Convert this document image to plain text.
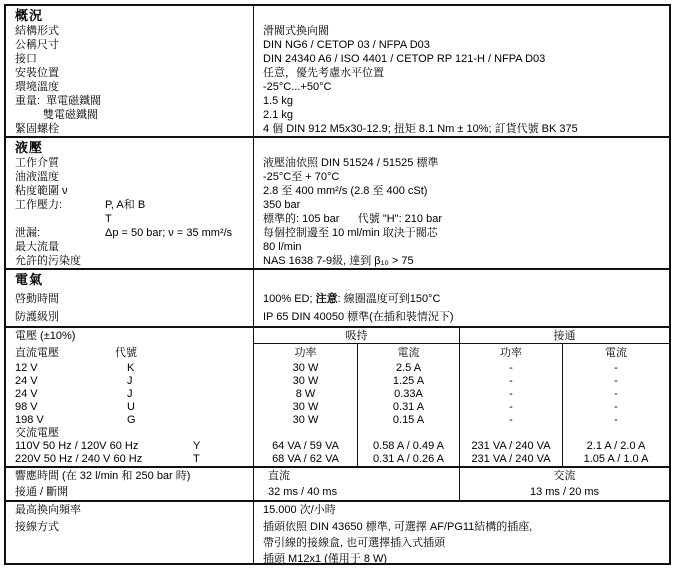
概況
結構形式	滑閥式換向閥
公稱尺寸	DIN NG6 / CETOP 03 / NFPA D03
接口	DIN 24340 A6 / ISO 4401 / CETOP RP 121-H / NFPA D03
安裝位置	任意，優先考慮水平位置
環境溫度	-25°C...+50°C
重量:  單電磁鐵閥	1.5 kg
雙電磁鐵閥	2.1 kg
緊固螺栓	4 個 DIN 912 M5x30-12.9; 扭矩 8.1 Nm ± 10%; 訂貨代號 BK 375
液壓
工作介質	液壓油依照 DIN 51524 / 51525 標準
油液溫度	-25°C至 + 70°C
粘度範圍 ν	2.8 至 400 mm²/s (2.8 至 400 cSt)
工作壓力:	P, A和 B	350 bar
T	標準的: 105 bar      代號 "H": 210 bar
泄漏:	Δp = 50 bar; ν = 35 mm²/s	每個控制邊至 10 ml/min 取決于閥芯
最大流量	80 l/min
允許的污染度	NAS 1638 7-9級, 達到 β₁₀ > 75
電氣
啓動時間	100% ED; 注意: 線圈溫度可到150°C
防護級別	IP 65 DIN 40050 標準(在插和裝情況下)
電壓 (±10%)	吸持	接通
直流電壓	代號	功率	電流	功率	電流
12 V	K	30 W	2.5 A	-	-
24 V	J	30 W	1.25 A	-	-
24 V	J	8 W	0.33A	-	-
98 V	U	30 W	0.31 A	-	-
198 V	G	30 W	0.15 A	-	-
交流電壓
110V 50 Hz / 120V 60 Hz	Y	64 VA / 59 VA	0.58 A / 0.49 A	231 VA / 240 VA	2.1 A / 2.0 A
220V 50 Hz / 240 V 60 Hz	T	68 VA / 62 VA	0.31 A / 0.26 A	231 VA / 240 VA	1.05 A / 1.0 A
響應時間 (在 32 l/min 和 250 bar 時)	直流	交流
接通 / 斷開	32 ms / 40 ms	13 ms / 20 ms
最高換向頻率	15.000 次/小時
接線方式	插頭依照 DIN 43650 標準, 可選擇 AF/PG11結構的插座,
帶引線的接線盒, 也可選擇插入式插頭
插頭 M12x1 (僅用于 8 W)
